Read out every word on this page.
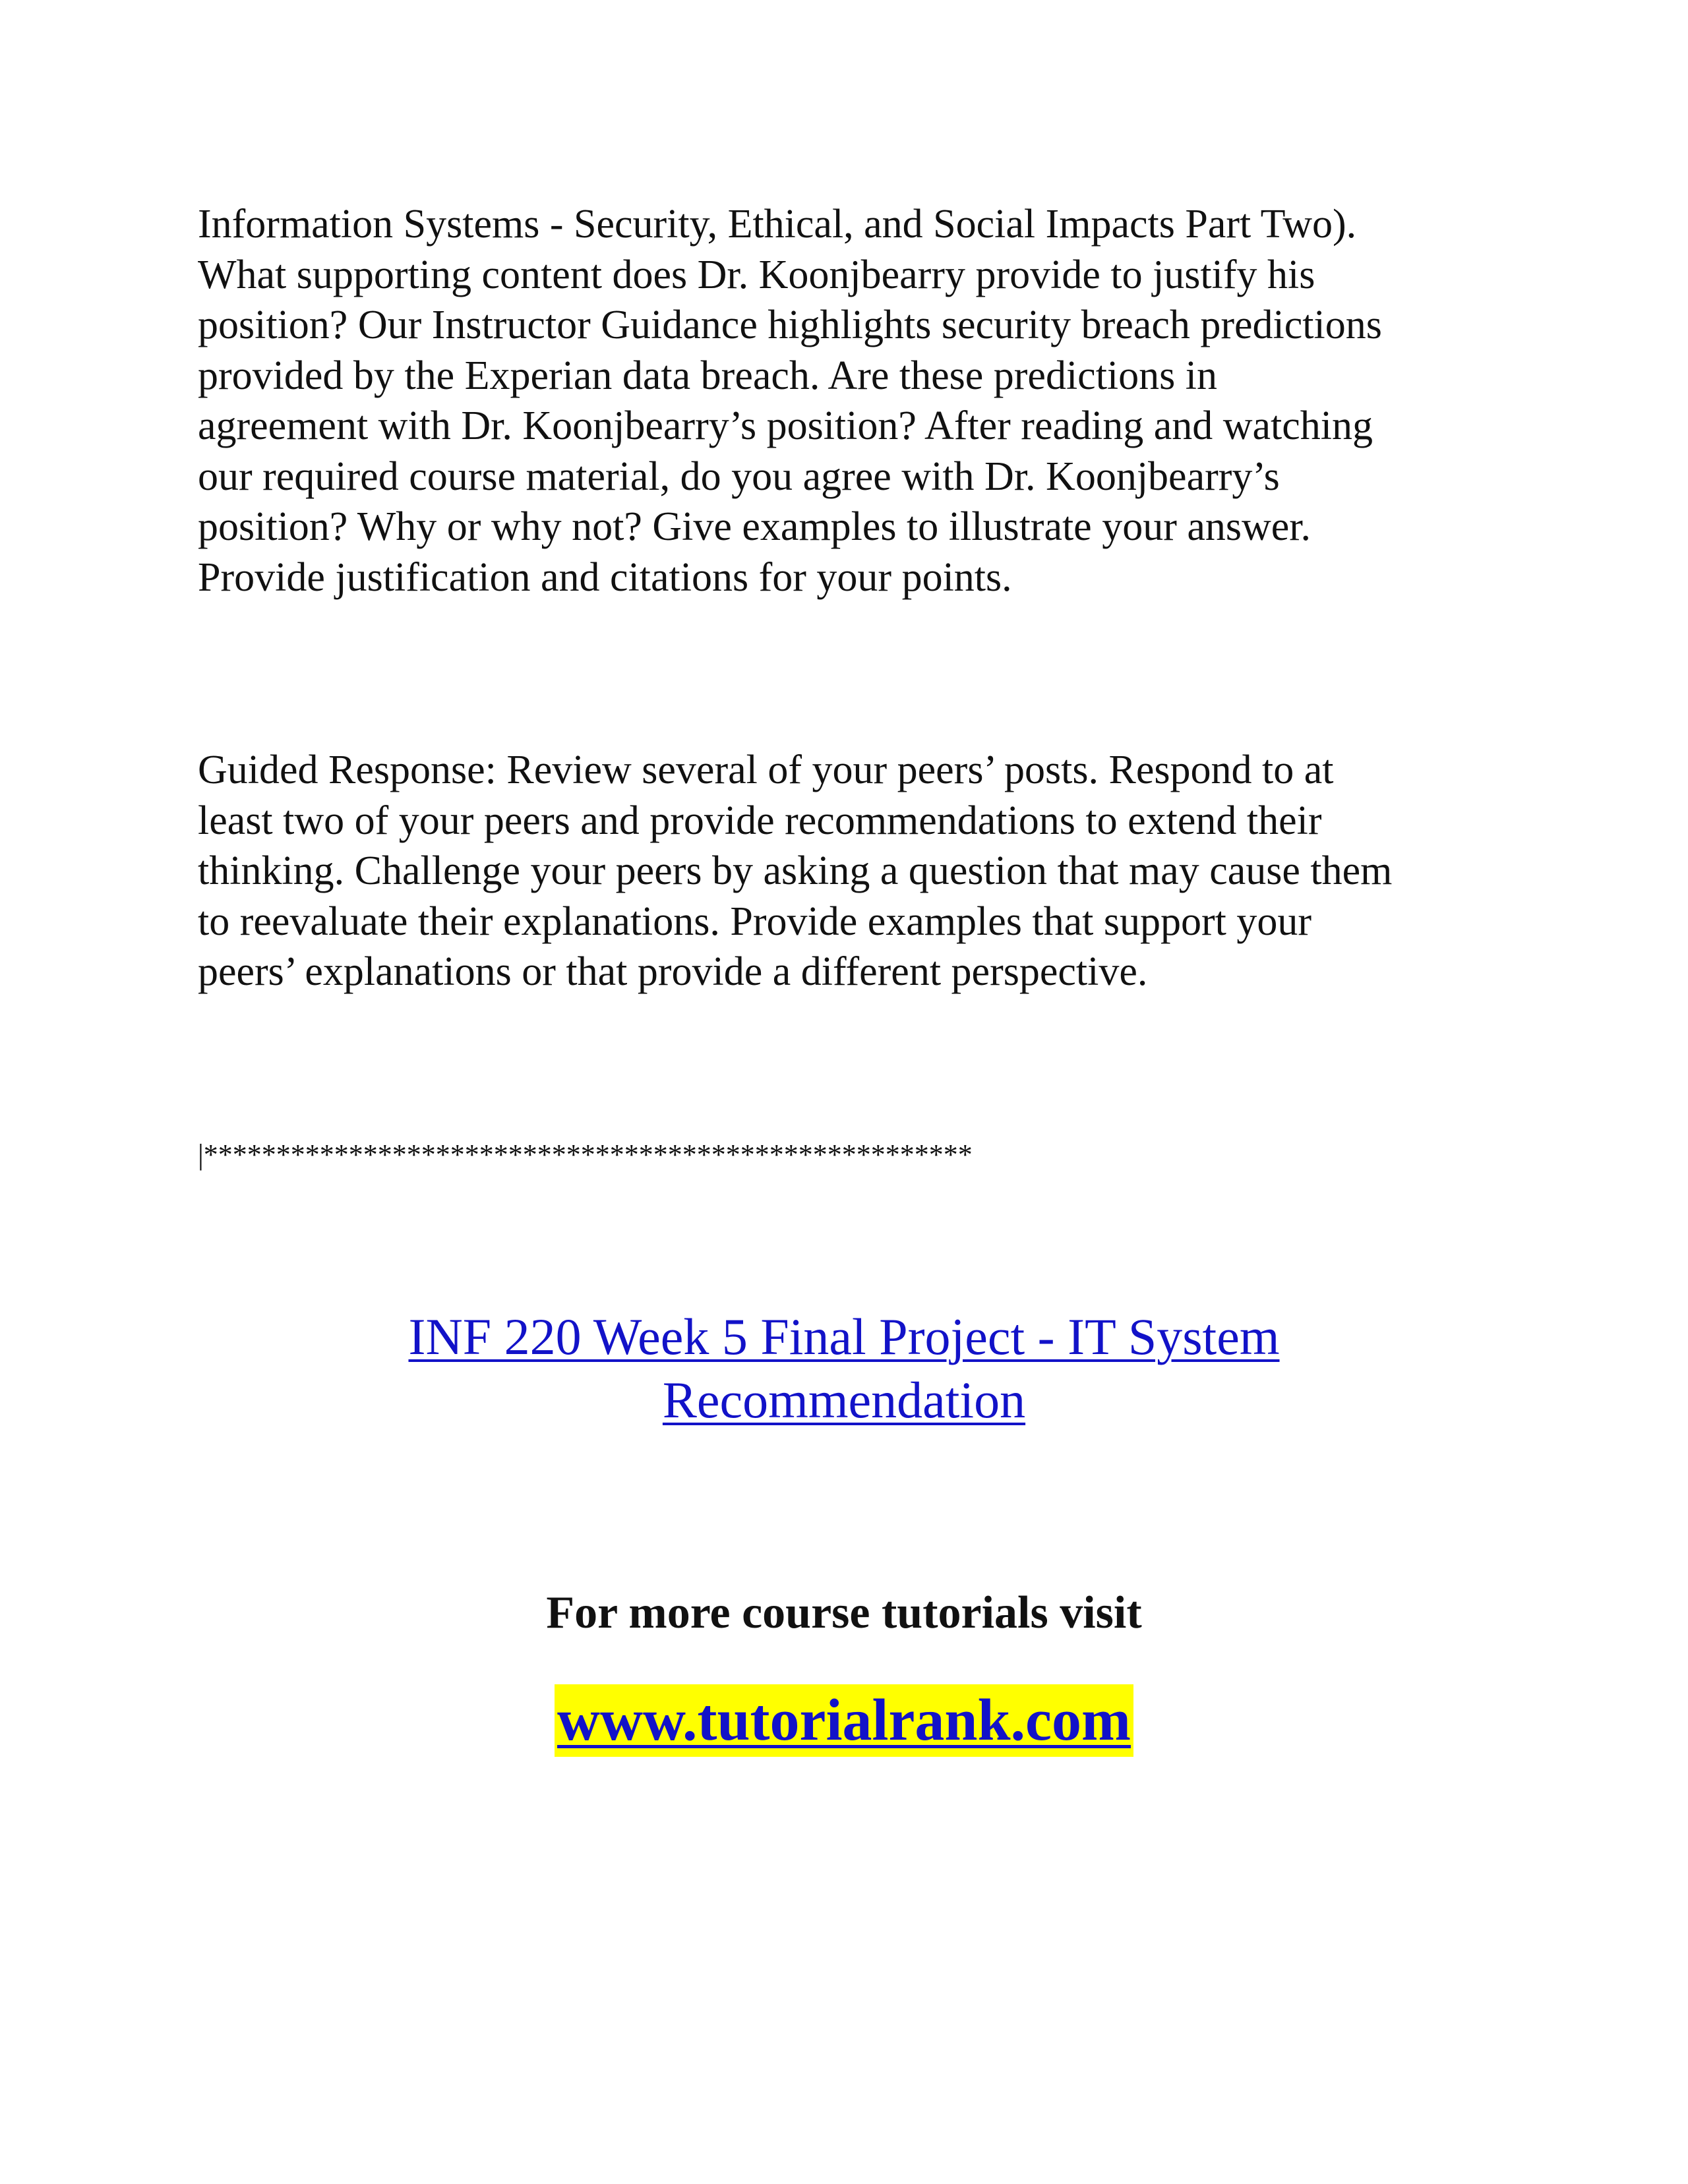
Information Systems - Security, Ethical, and Social Impacts Part Two).
What supporting content does Dr. Koonjbearry provide to justify his
position? Our Instructor Guidance highlights security breach predictions
provided by the Experian data breach. Are these predictions in
agreement with Dr. Koonjbearry’s position? After reading and watching
our required course material, do you agree with Dr. Koonjbearry’s
position? Why or why not? Give examples to illustrate your answer.
Provide justification and citations for your points.

Guided Response: Review several of your peers’ posts. Respond to at
least two of your peers and provide recommendations to extend their
thinking. Challenge your peers by asking a question that may cause them
to reevaluate their explanations. Provide examples that support your
peers’ explanations or that provide a different perspective.

|*****************************************************
INF 220 Week 5 Final Project - IT System
Recommendation
For more course tutorials visit
www.tutorialrank.com
